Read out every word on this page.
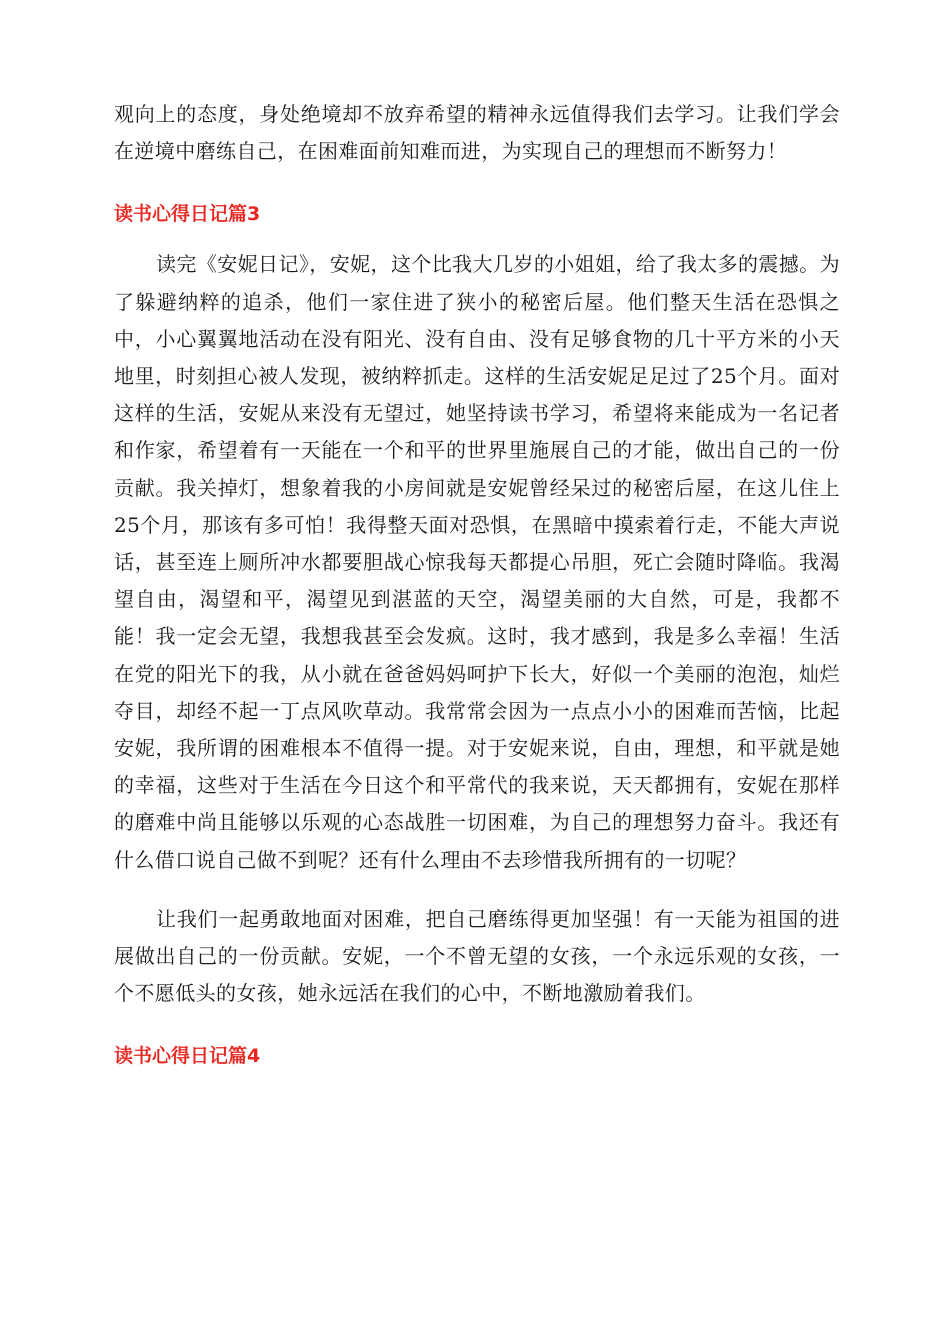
观向上的态度，身处绝境却不放弃希望的精神永远值得我们去学习。让我们学会在逆境中磨练自己，在困难面前知难而进，为实现自己的理想而不断努力！

读书心得日记篇3

读完《安妮日记》，安妮，这个比我大几岁的小姐姐，给了我太多的震撼。为了躲避纳粹的追杀，他们一家住进了狭小的秘密后屋。他们整天生活在恐惧之中，小心翼翼地活动在没有阳光、没有自由、没有足够食物的几十平方米的小天地里，时刻担心被人发现，被纳粹抓走。这样的生活安妮足足过了25个月。面对这样的生活，安妮从来没有无望过，她坚持读书学习，希望将来能成为一名记者和作家，希望着有一天能在一个和平的世界里施展自己的才能，做出自己的一份贡献。我关掉灯，想象着我的小房间就是安妮曾经呆过的秘密后屋，在这儿住上25个月，那该有多可怕！我得整天面对恐惧，在黑暗中摸索着行走，不能大声说话，甚至连上厕所冲水都要胆战心惊我每天都提心吊胆，死亡会随时降临。我渴望自由，渴望和平，渴望见到湛蓝的天空，渴望美丽的大自然，可是，我都不能！我一定会无望，我想我甚至会发疯。这时，我才感到，我是多么幸福！生活在党的阳光下的我，从小就在爸爸妈妈呵护下长大，好似一个美丽的泡泡，灿烂夺目，却经不起一丁点风吹草动。我常常会因为一点点小小的困难而苦恼，比起安妮，我所谓的困难根本不值得一提。对于安妮来说，自由，理想，和平就是她的幸福，这些对于生活在今日这个和平常代的我来说，天天都拥有，安妮在那样的磨难中尚且能够以乐观的心态战胜一切困难，为自己的理想努力奋斗。我还有什么借口说自己做不到呢？还有什么理由不去珍惜我所拥有的一切呢？

让我们一起勇敢地面对困难，把自己磨练得更加坚强！有一天能为祖国的进展做出自己的一份贡献。安妮，一个不曾无望的女孩，一个永远乐观的女孩，一个不愿低头的女孩，她永远活在我们的心中，不断地激励着我们。

读书心得日记篇4
